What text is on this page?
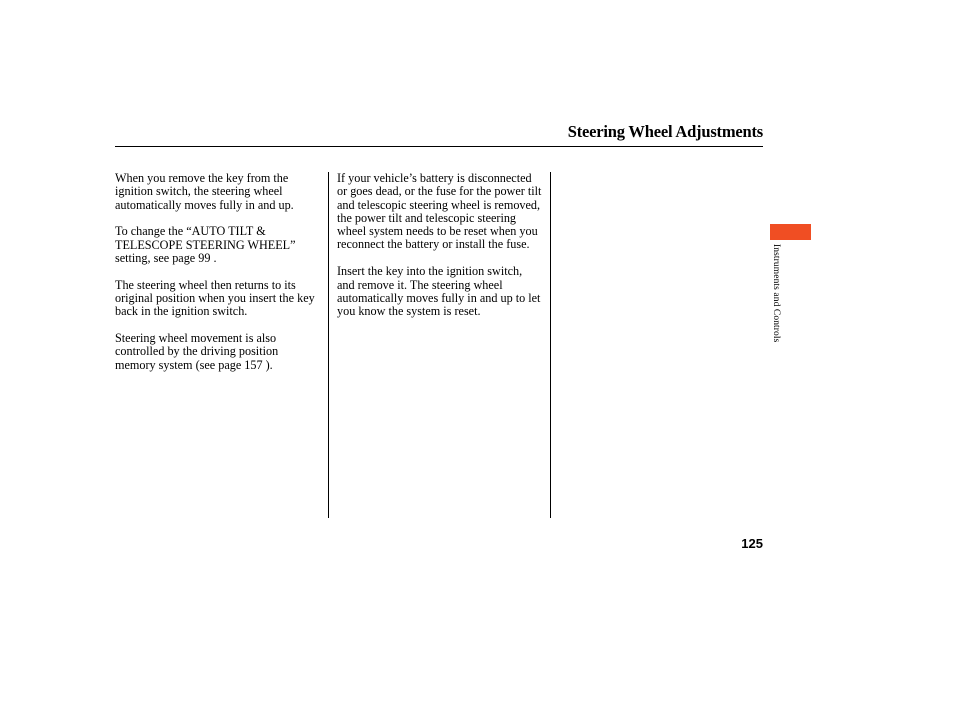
Steering Wheel Adjustments

When you remove the key from the ignition switch, the steering wheel automatically moves fully in and up.

To change the “AUTO TILT & TELESCOPE STEERING WHEEL” setting, see page 99 .

The steering wheel then returns to its original position when you insert the key back in the ignition switch.

Steering wheel movement is also controlled by the driving position memory system (see page 157 ).

If your vehicle’s battery is disconnected or goes dead, or the fuse for the power tilt and telescopic steering wheel is removed, the power tilt and telescopic steering wheel system needs to be reset when you reconnect the battery or install the fuse.

Insert the key into the ignition switch, and remove it. The steering wheel automatically moves fully in and up to let you know the system is reset.	Instruments and Controls
125
